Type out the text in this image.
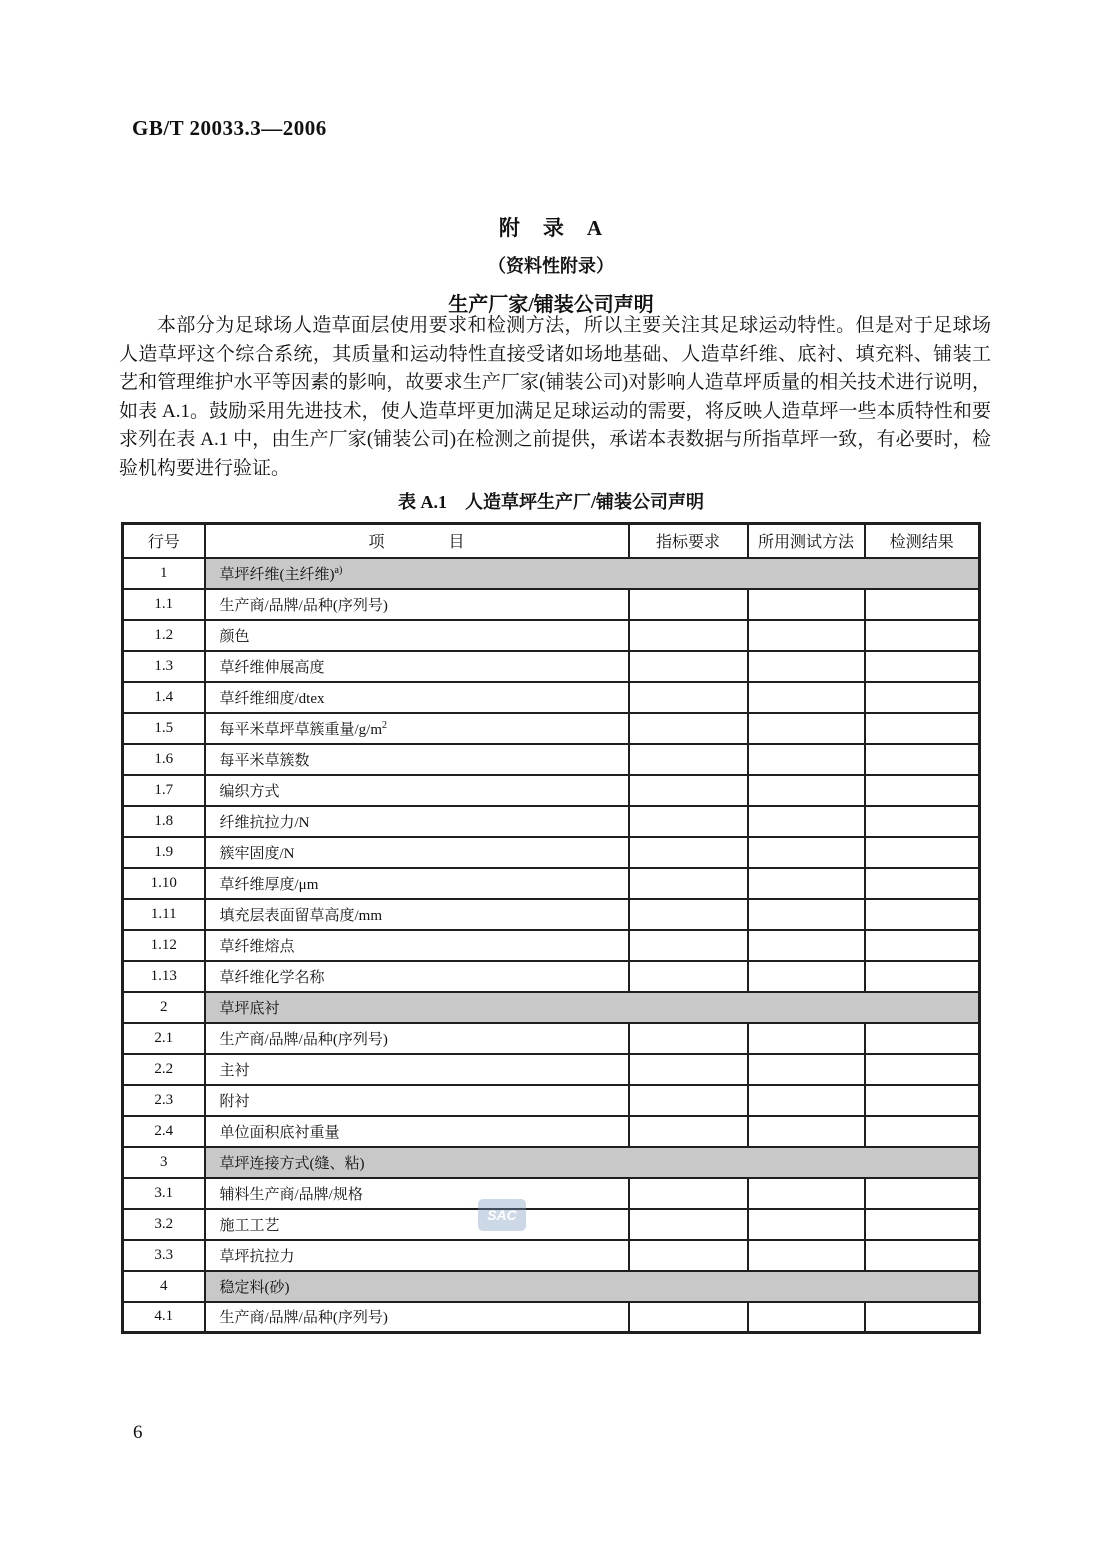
GB/T 20033.3—2006
附　录　A
（资料性附录）
生产厂家/铺装公司声明

本部分为足球场人造草面层使用要求和检测方法，所以主要关注其足球运动特性。但是对于足球场人造草坪这个综合系统，其质量和运动特性直接受诸如场地基础、人造草纤维、底衬、填充料、铺装工艺和管理维护水平等因素的影响，故要求生产厂家(铺装公司)对影响人造草坪质量的相关技术进行说明，如表 A.1。鼓励采用先进技术，使人造草坪更加满足足球运动的需要，将反映人造草坪一些本质特性和要求列在表 A.1 中，由生产厂家(铺装公司)在检测之前提供，承诺本表数据与所指草坪一致，有必要时，检验机构要进行验证。

表 A.1　人造草坪生产厂/铺装公司声明
行号	项　　　　目	指标要求	所用测试方法	检测结果
1	草坪纤维(主纤维)$^{a)}$
1.1	生产商/品牌/品种(序列号)			
1.2	颜色			
1.3	草纤维伸展高度			
1.4	草纤维细度/dtex			
1.5	每平米草坪草簇重量$/g/m^2$			
1.6	每平米草簇数			
1.7	编织方式			
1.8	纤维抗拉力/N			
1.9	簇牢固度/N			
1.10	草纤维厚度/μm			
1.11	填充层表面留草高度/mm			
1.12	草纤维熔点			
1.13	草纤维化学名称			
2	草坪底衬			
2.1	生产商/品牌/品种(序列号)			
2.2	主衬			
2.3	附衬			
2.4	单位面积底衬重量			
3	草坪连接方式(缝、粘)			
3.1	辅料生产商/品牌/规格			
3.2	施工工艺			
3.3	草坪抗拉力			
4	稳定料(砂)			
4.1	生产商/品牌/品种(序列号)			
SAC
6
